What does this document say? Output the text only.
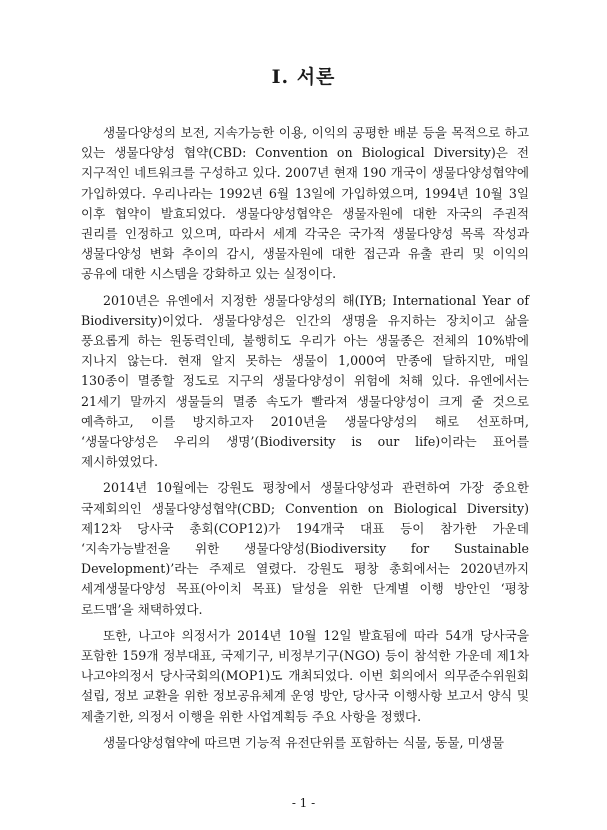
I. 서론

생물다양성의 보전, 지속가능한 이용, 이익의 공평한 배분 등을 목적으로 하고 있는 생물다양성 협약(CBD: Convention on Biological Diversity)은 전 지구적인 네트워크를 구성하고 있다. 2007년 현재 190 개국이 생물다양성협약에 가입하였다. 우리나라는 1992년 6월 13일에 가입하였으며, 1994년 10월 3일 이후 협약이 발효되었다. 생물다양성협약은 생물자원에 대한 자국의 주권적 권리를 인정하고 있으며, 따라서 세계 각국은 국가적 생물다양성 목록 작성과 생물다양성 변화 추이의 감시, 생물자원에 대한 접근과 유출 관리 및 이익의 공유에 대한 시스템을 강화하고 있는 실정이다.

2010년은 유엔에서 지정한 생물다양성의 해(IYB; International Year of Biodiversity)이었다. 생물다양성은 인간의 생명을 유지하는 장치이고 삶을 풍요롭게 하는 원동력인데, 불행히도 우리가 아는 생물종은 전체의 10%밖에 지나지 않는다. 현재 알지 못하는 생물이 1,000여 만종에 달하지만, 매일 130종이 멸종할 정도로 지구의 생물다양성이 위험에 처해 있다. 유엔에서는 21세기 말까지 생물들의 멸종 속도가 빨라져 생물다양성이 크게 줄 것으로 예측하고, 이를 방지하고자 2010년을 생물다양성의 해로 선포하며, ‘생물다양성은 우리의 생명’(Biodiversity is our life)이라는 표어를 제시하였었다.

2014년 10월에는 강원도 평창에서 생물다양성과 관련하여 가장 중요한 국제회의인 생물다양성협약(CBD; Convention on Biological Diversity) 제12차 당사국 총회(COP12)가 194개국 대표 등이 참가한 가운데 ‘지속가능발전을 위한 생물다양성(Biodiversity for Sustainable Development)’라는 주제로 열렸다. 강원도 평창 총회에서는 2020년까지 세계생물다양성 목표(아이치 목표) 달성을 위한 단계별 이행 방안인 ‘평창 로드맵’을 채택하였다.

또한, 나고야 의정서가 2014년 10월 12일 발효됨에 따라 54개 당사국을 포함한 159개 정부대표, 국제기구, 비정부기구(NGO) 등이 참석한 가운데 제1차 나고야의정서 당사국회의(MOP1)도 개최되었다. 이번 회의에서 의무준수위원회 설립, 정보 교환을 위한 정보공유체계 운영 방안, 당사국 이행사항 보고서 양식 및 제출기한, 의정서 이행을 위한 사업계획등 주요 사항을 정했다.

생물다양성협약에 따르면 기능적 유전단위를 포함하는 식물, 동물, 미생물

- 1 -
